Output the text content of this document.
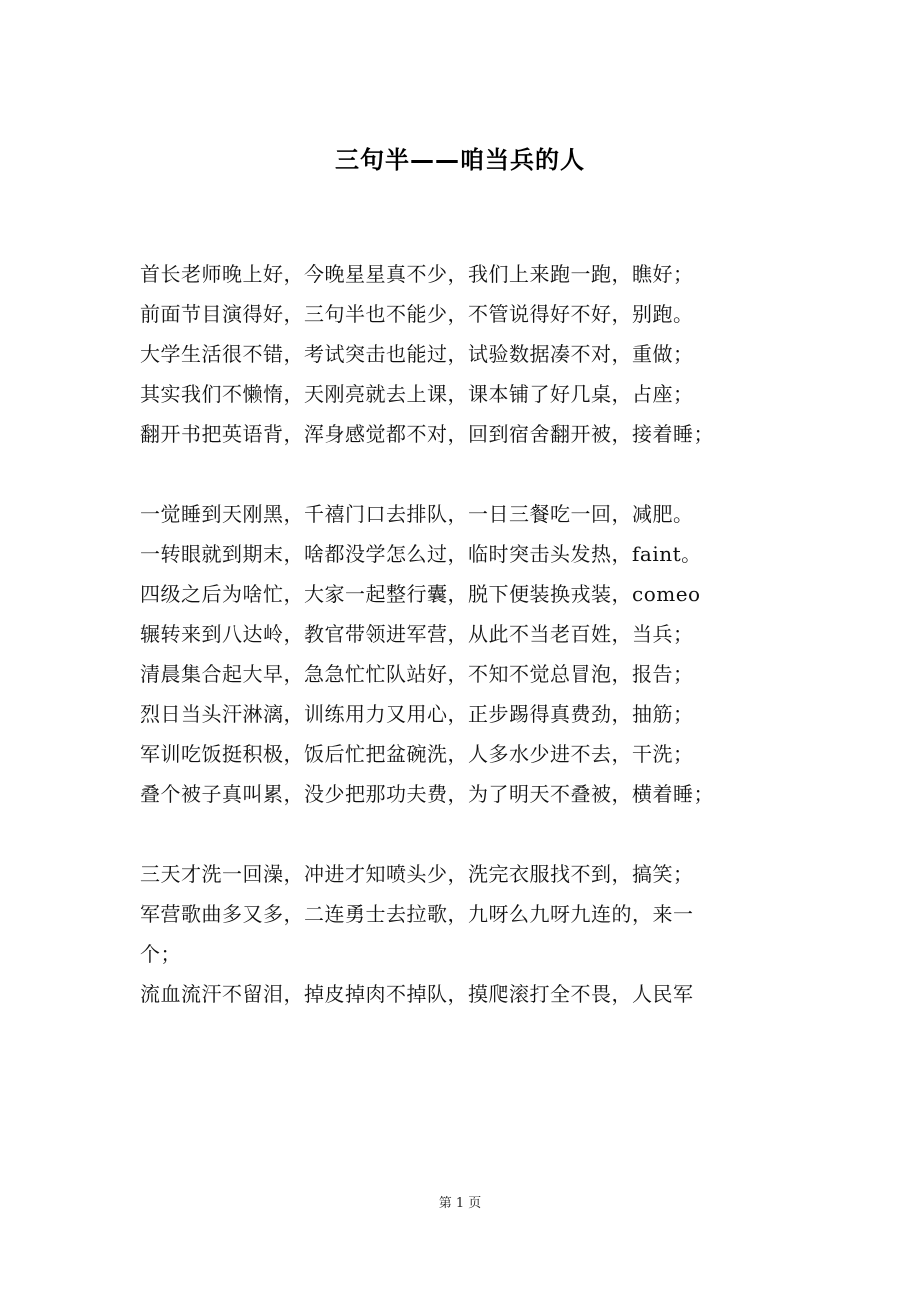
三句半——咱当兵的人
首长老师晚上好，今晚星星真不少，我们上来跑一跑，瞧好；
前面节目演得好，三句半也不能少，不管说得好不好，别跑。
大学生活很不错，考试突击也能过，试验数据凑不对，重做；
其实我们不懒惰，天刚亮就去上课，课本铺了好几桌，占座；
翻开书把英语背，浑身感觉都不对，回到宿舍翻开被，接着睡；
一觉睡到天刚黑，千禧门口去排队，一日三餐吃一回，减肥。
一转眼就到期末，啥都没学怎么过，临时突击头发热，faint。
四级之后为啥忙，大家一起整行囊，脱下便装换戎装，comeo
辗转来到八达岭，教官带领进军营，从此不当老百姓，当兵；
清晨集合起大早，急急忙忙队站好，不知不觉总冒泡，报告；
烈日当头汗淋漓，训练用力又用心，正步踢得真费劲，抽筋；
军训吃饭挺积极，饭后忙把盆碗洗，人多水少进不去，干洗；
叠个被子真叫累，没少把那功夫费，为了明天不叠被，横着睡；
三天才洗一回澡，冲进才知喷头少，洗完衣服找不到，搞笑；
军营歌曲多又多，二连勇士去拉歌，九呀么九呀九连的，来一
个；
流血流汗不留泪，掉皮掉肉不掉队，摸爬滚打全不畏，人民军
第 1 页
